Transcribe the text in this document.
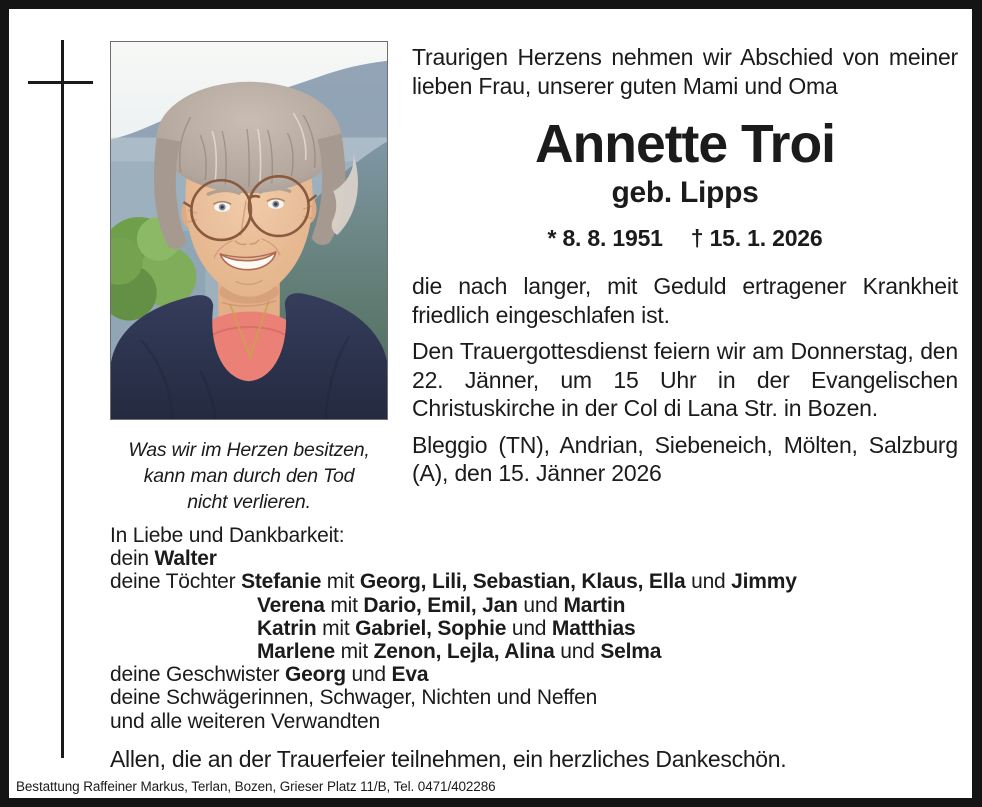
Was wir im Herzen besitzen,
kann man durch den Tod
nicht verlieren.

Traurigen Herzens nehmen wir Abschied von meiner lieben Frau, unserer guten Mami und Oma

Annette Troi
geb. Lipps
* 8. 8. 1951 † 15. 1. 2026

die nach langer, mit Geduld ertragener Krankheit friedlich eingeschlafen ist.

Den Trauergottesdienst feiern wir am Donnerstag, den 22. Jänner, um 15 Uhr in der Evangelischen Christuskirche in der Col di Lana Str. in Bozen.

Bleggio (TN), Andrian, Siebeneich, Mölten, Salzburg (A), den 15. Jänner 2026

In Liebe und Dankbarkeit:
dein Walter
deine Töchter Stefanie mit Georg, Lili, Sebastian, Klaus, Ella und Jimmy
Verena mit Dario, Emil, Jan und Martin
Katrin mit Gabriel, Sophie und Matthias
Marlene mit Zenon, Lejla, Alina und Selma
deine Geschwister Georg und Eva
deine Schwägerinnen, Schwager, Nichten und Neffen
und alle weiteren Verwandten
Allen, die an der Trauerfeier teilnehmen, ein herzliches Dankeschön.
Bestattung Raffeiner Markus, Terlan, Bozen, Grieser Platz 11/B, Tel. 0471/402286
